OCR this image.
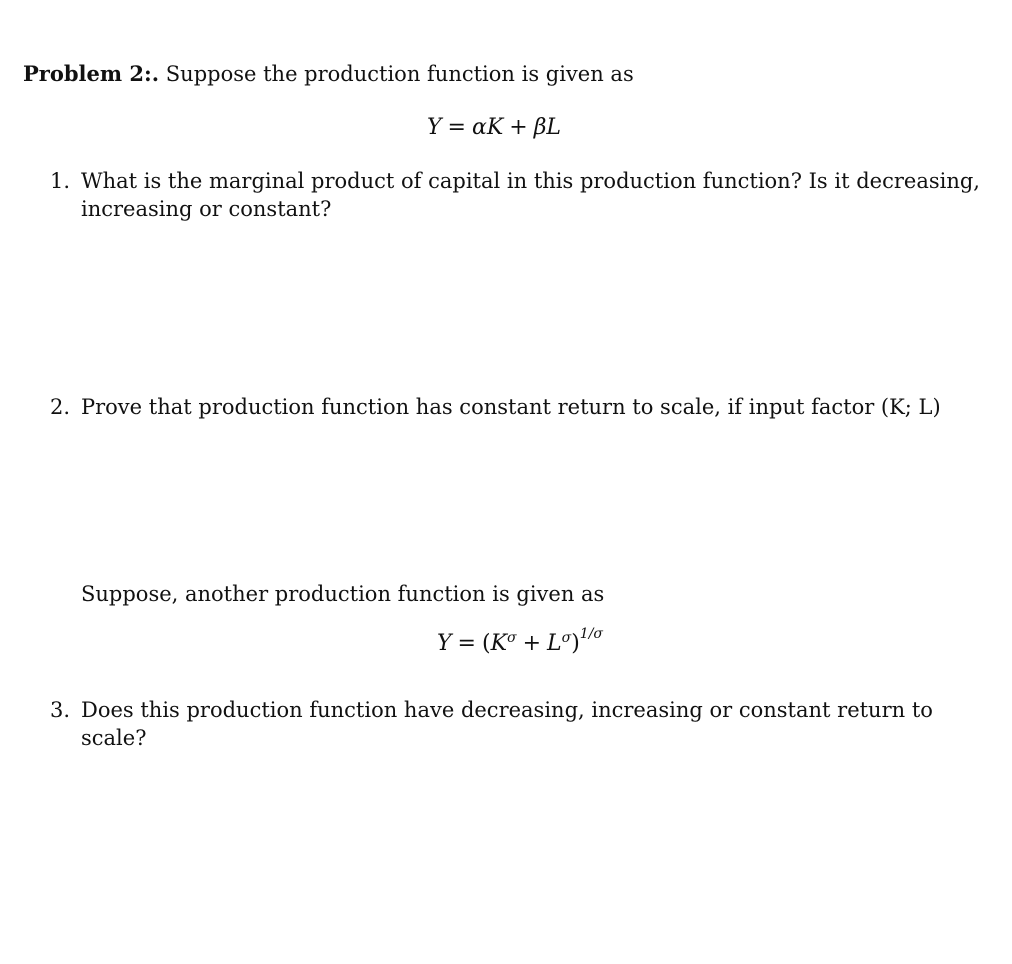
Problem 2:. Suppose the production function is given as
Y = αK + βL
1. What is the marginal product of capital in this production function? Is it decreasing, increasing or constant?
2. Prove that production function has constant return to scale, if input factor (K; L)
Suppose, another production function is given as
$Y = (K^\sigma + L^\sigma)^{1/\sigma}$
3. Does this production function have decreasing, increasing or constant return to scale?
